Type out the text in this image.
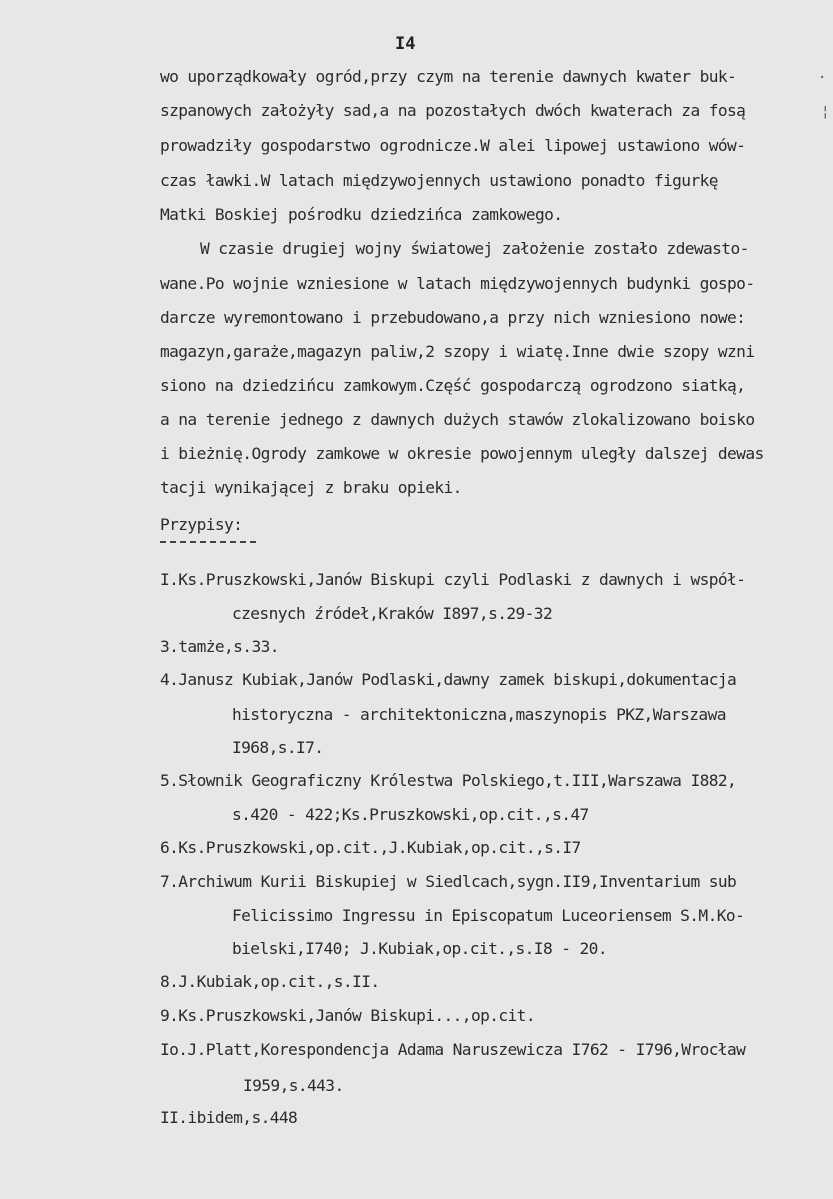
I4
wo uporządkowały ogród,przy czym na terenie dawnych kwater buk-
szpanowych założyły sad,a na pozostałych dwóch kwaterach za fosą
prowadziły gospodarstwo ogrodnicze.W alei lipowej ustawiono wów-
czas ławki.W latach międzywojennych ustawiono ponadto figurkę
Matki Boskiej pośrodku dziedzińca zamkowego.
W czasie drugiej wojny światowej założenie zostało zdewasto-
wane.Po wojnie wzniesione w latach międzywojennych budynki gospo-
darcze wyremontowano i przebudowano,a przy nich wzniesiono nowe:
magazyn,garaże,magazyn paliw,2 szopy i wiatę.Inne dwie szopy wzni
siono na dziedzińcu zamkowym.Część gospodarczą ogrodzono siatką,
a na terenie jednego z dawnych dużych stawów zlokalizowano boisko
i bieżnię.Ogrody zamkowe w okresie powojennym uległy dalszej dewas
tacji wynikającej z braku opieki.
Przypisy:
I.Ks.Pruszkowski,Janów Biskupi czyli Podlaski z dawnych i współ-
czesnych źródeł,Kraków I897,s.29-32
3.tamże,s.33.
4.Janusz Kubiak,Janów Podlaski,dawny zamek biskupi,dokumentacja
historyczna - architektoniczna,maszynopis PKZ,Warszawa
I968,s.I7.
5.Słownik Geograficzny Królestwa Polskiego,t.III,Warszawa I882,
s.420 - 422;Ks.Pruszkowski,op.cit.,s.47
6.Ks.Pruszkowski,op.cit.,J.Kubiak,op.cit.,s.I7
7.Archiwum Kurii Biskupiej w Siedlcach,sygn.II9,Inventarium sub
Felicissimo Ingressu in Episcopatum Luceoriensem S.M.Ko-
bielski,I740; J.Kubiak,op.cit.,s.I8 - 20.
8.J.Kubiak,op.cit.,s.II.
9.Ks.Pruszkowski,Janów Biskupi...,op.cit.
Io.J.Platt,Korespondencja Adama Naruszewicza I762 - I796,Wrocław
I959,s.443.
II.ibidem,s.448
·
¦
